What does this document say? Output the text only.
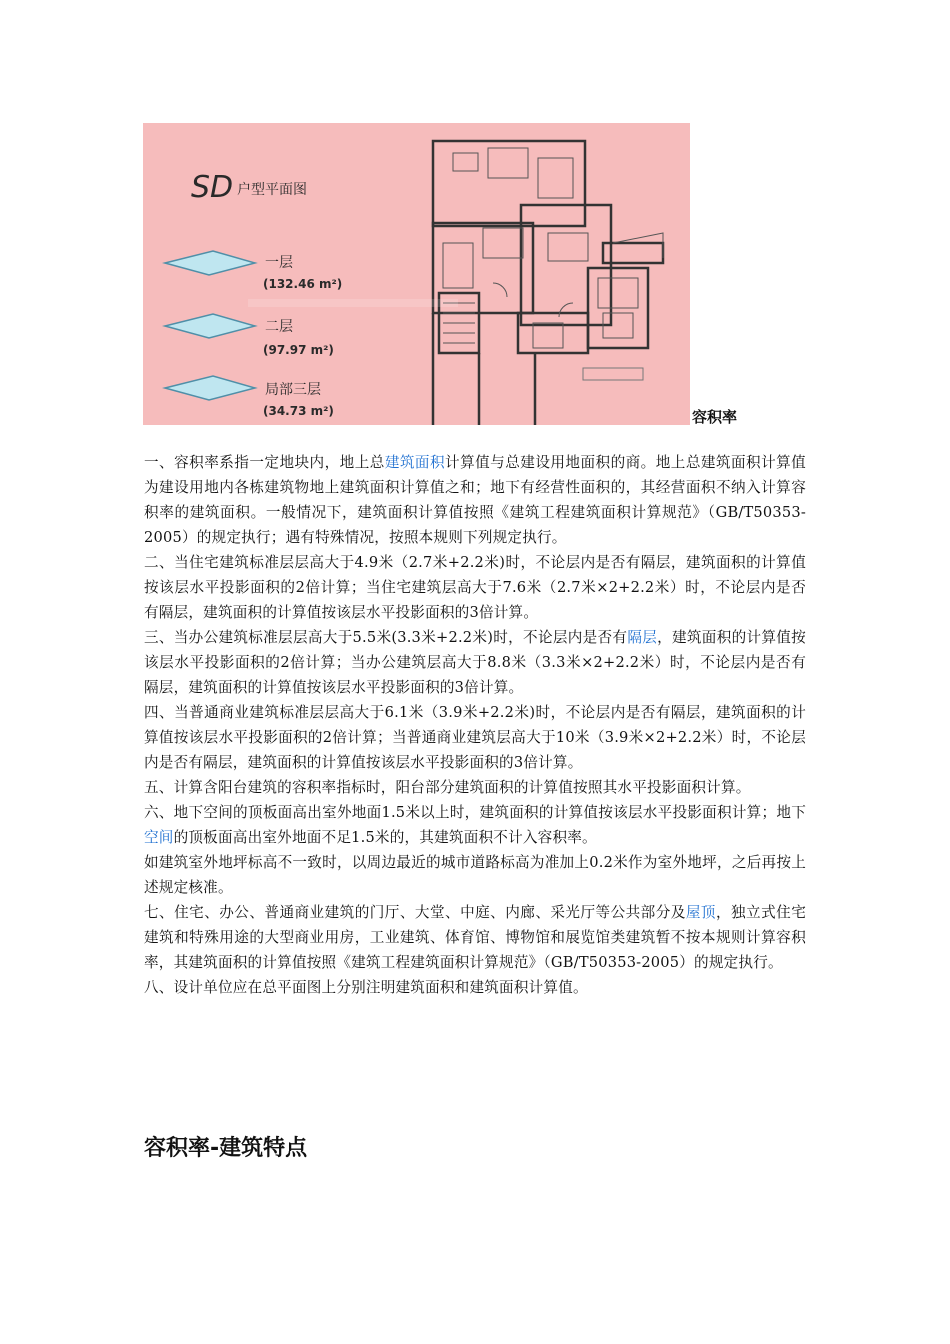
SD 户型平面图
一层
(132.46 m²)
二层
(97.97 m²)
局部三层
(34.73 m²)	容积率

一、容积率系指一定地块内，地上总建筑面积计算值与总建设用地面积的商。地上总建筑面积计算值为建设用地内各栋建筑物地上建筑面积计算值之和；地下有经营性面积的，其经营面积不纳入计算容积率的建筑面积。一般情况下，建筑面积计算值按照《建筑工程建筑面积计算规范》（GB/T50353-2005）的规定执行；遇有特殊情况，按照本规则下列规定执行。

二、当住宅建筑标准层层高大于4.9米（2.7米+2.2米)时，不论层内是否有隔层，建筑面积的计算值按该层水平投影面积的2倍计算；当住宅建筑层高大于7.6米（2.7米×2+2.2米）时，不论层内是否有隔层，建筑面积的计算值按该层水平投影面积的3倍计算。

三、当办公建筑标准层层高大于5.5米(3.3米+2.2米)时，不论层内是否有隔层，建筑面积的计算值按该层水平投影面积的2倍计算；当办公建筑层高大于8.8米（3.3米×2+2.2米）时，不论层内是否有隔层，建筑面积的计算值按该层水平投影面积的3倍计算。

四、当普通商业建筑标准层层高大于6.1米（3.9米+2.2米)时，不论层内是否有隔层，建筑面积的计算值按该层水平投影面积的2倍计算；当普通商业建筑层高大于10米（3.9米×2+2.2米）时，不论层内是否有隔层，建筑面积的计算值按该层水平投影面积的3倍计算。

五、计算含阳台建筑的容积率指标时，阳台部分建筑面积的计算值按照其水平投影面积计算。

六、地下空间的顶板面高出室外地面1.5米以上时，建筑面积的计算值按该层水平投影面积计算；地下空间的顶板面高出室外地面不足1.5米的，其建筑面积不计入容积率。

如建筑室外地坪标高不一致时，以周边最近的城市道路标高为准加上0.2米作为室外地坪，之后再按上述规定核准。

七、住宅、办公、普通商业建筑的门厅、大堂、中庭、内廊、采光厅等公共部分及屋顶，独立式住宅建筑和特殊用途的大型商业用房，工业建筑、体育馆、博物馆和展览馆类建筑暂不按本规则计算容积率，其建筑面积的计算值按照《建筑工程建筑面积计算规范》（GB/T50353-2005）的规定执行。

八、设计单位应在总平面图上分别注明建筑面积和建筑面积计算值。

容积率-建筑特点
